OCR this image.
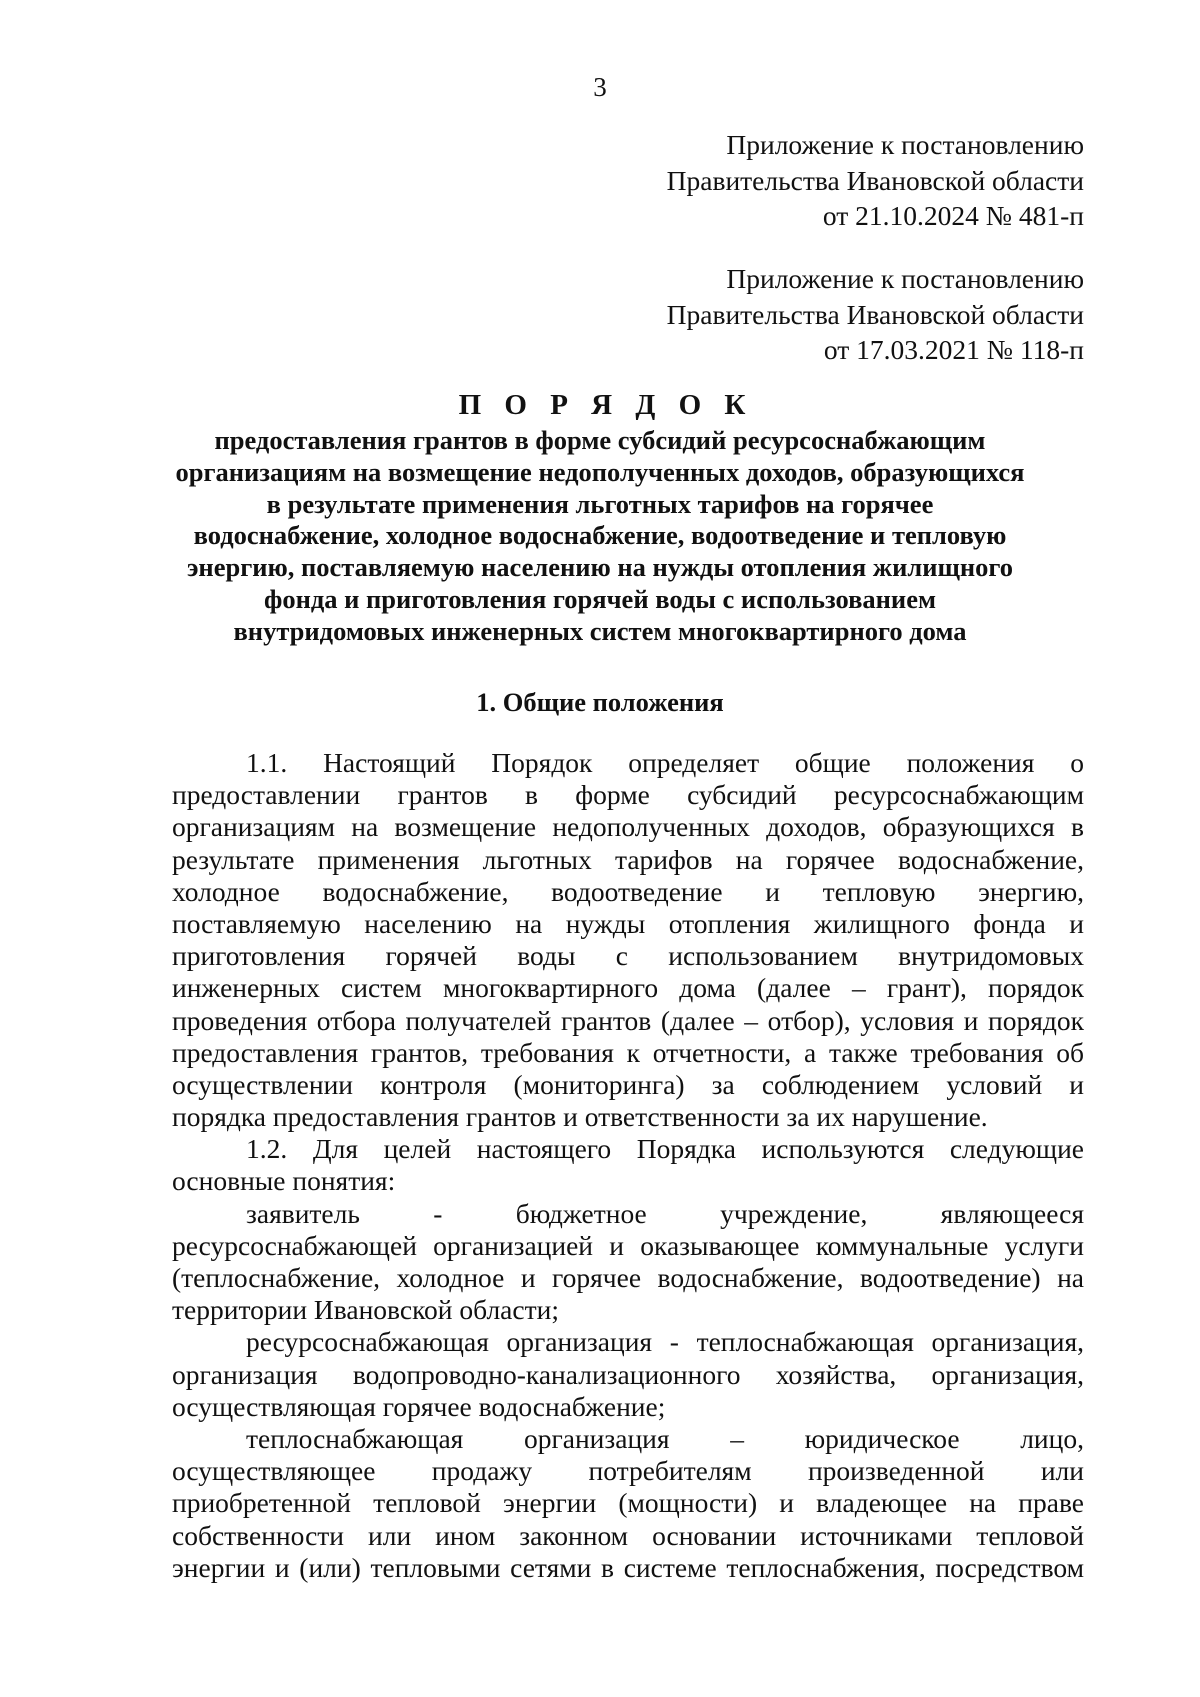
3
Приложение к постановлению
Правительства Ивановской области
от 21.10.2024 № 481-п
Приложение к постановлению
Правительства Ивановской области
от 17.03.2021 № 118-п
П О Р Я Д О К
предоставления грантов в форме субсидий ресурсоснабжающим
организациям на возмещение недополученных доходов, образующихся
в результате применения льготных тарифов на горячее
водоснабжение, холодное водоснабжение, водоотведение и тепловую
энергию, поставляемую населению на нужды отопления жилищного
фонда и приготовления горячей воды с использованием
внутридомовых инженерных систем многоквартирного дома
1. Общие положения
1.1. Настоящий Порядок определяет общие положения о
предоставлении грантов в форме субсидий ресурсоснабжающим
организациям на возмещение недополученных доходов, образующихся в
результате применения льготных тарифов на горячее водоснабжение,
холодное водоснабжение, водоотведение и тепловую энергию,
поставляемую населению на нужды отопления жилищного фонда и
приготовления горячей воды с использованием внутридомовых
инженерных систем многоквартирного дома (далее – грант), порядок
проведения отбора получателей грантов (далее – отбор), условия и порядок
предоставления грантов, требования к отчетности, а также требования об
осуществлении контроля (мониторинга) за соблюдением условий и
порядка предоставления грантов и ответственности за их нарушение.
1.2. Для целей настоящего Порядка используются следующие
основные понятия:
заявитель - бюджетное учреждение, являющееся
ресурсоснабжающей организацией и оказывающее коммунальные услуги
(теплоснабжение, холодное и горячее водоснабжение, водоотведение) на
территории Ивановской области;
ресурсоснабжающая организация - теплоснабжающая организация,
организация водопроводно-канализационного хозяйства, организация,
осуществляющая горячее водоснабжение;
теплоснабжающая организация – юридическое лицо,
осуществляющее продажу потребителям произведенной или
приобретенной тепловой энергии (мощности) и владеющее на праве
собственности или ином законном основании источниками тепловой
энергии и (или) тепловыми сетями в системе теплоснабжения, посредством
